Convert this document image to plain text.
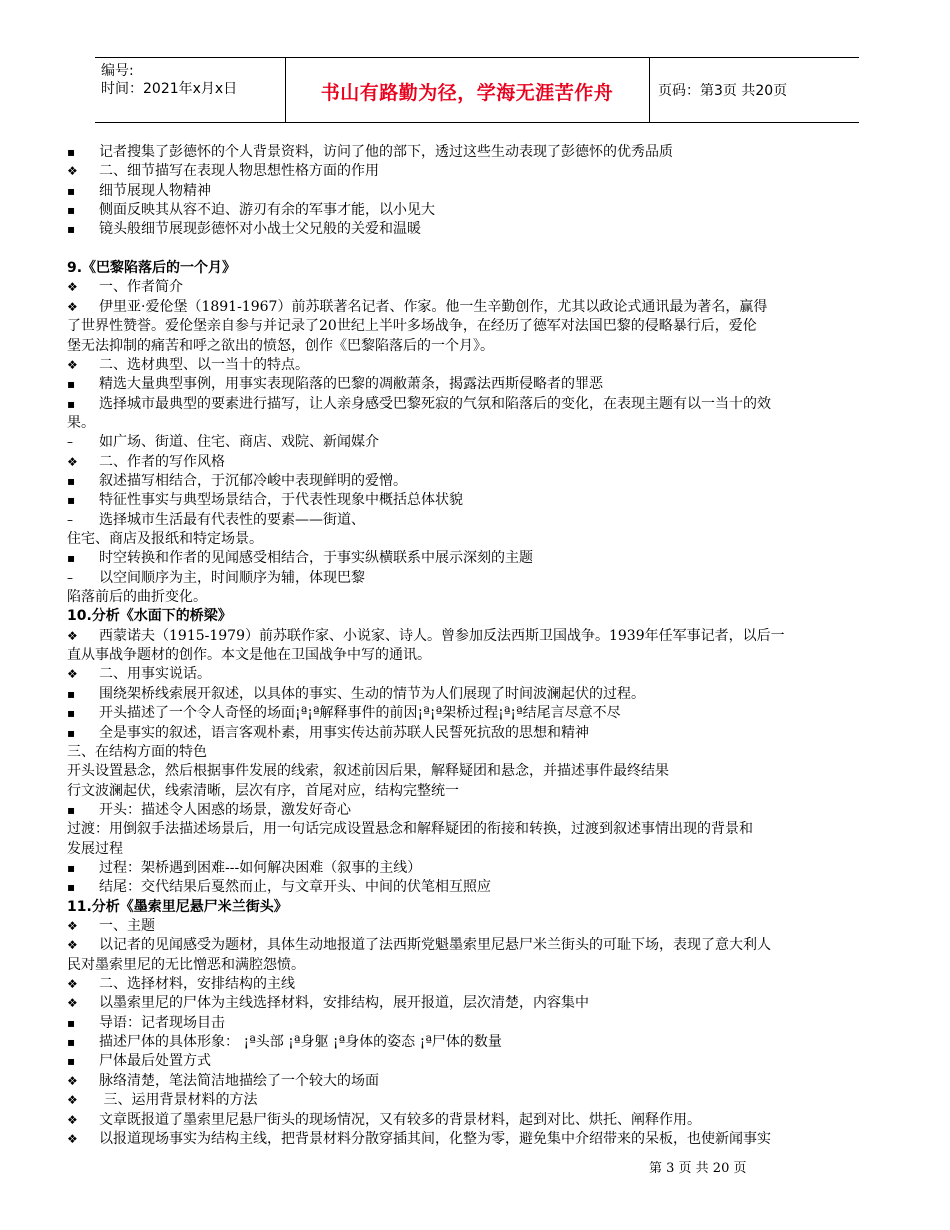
编号:
时间：2021年x月x日	书山有路勤为径，学海无涯苦作舟	页码：第3页 共20页
▪ 记者搜集了彭德怀的个人背景资料，访问了他的部下，透过这些生动表现了彭德怀的优秀品质
❖ 二、细节描写在表现人物思想性格方面的作用
▪ 细节展现人物精神
▪ 侧面反映其从容不迫、游刃有余的军事才能，以小见大
▪ 镜头般细节展现彭德怀对小战士父兄般的关爱和温暖
9.《巴黎陷落后的一个月》
❖ 一、作者简介
❖ 伊里亚·爱伦堡（1891-1967）前苏联著名记者、作家。他一生辛勤创作，尤其以政论式通讯最为著名，赢得
了世界性赞誉。爱伦堡亲自参与并记录了20世纪上半叶多场战争，在经历了德军对法国巴黎的侵略暴行后，爱伦
堡无法抑制的痛苦和呼之欲出的愤怒，创作《巴黎陷落后的一个月》。
❖ 二、选材典型、以一当十的特点。
▪ 精选大量典型事例，用事实表现陷落的巴黎的凋敝萧条，揭露法西斯侵略者的罪恶
▪ 选择城市最典型的要素进行描写，让人亲身感受巴黎死寂的气氛和陷落后的变化，在表现主题有以一当十的效
果。
– 如广场、街道、住宅、商店、戏院、新闻媒介
❖ 二、作者的写作风格
▪ 叙述描写相结合，于沉郁冷峻中表现鲜明的爱憎。
▪ 特征性事实与典型场景结合，于代表性现象中概括总体状貌
– 选择城市生活最有代表性的要素——街道、
住宅、商店及报纸和特定场景。
▪ 时空转换和作者的见闻感受相结合，于事实纵横联系中展示深刻的主题
– 以空间顺序为主，时间顺序为辅，体现巴黎
陷落前后的曲折变化。
10.分析《水面下的桥梁》
❖ 西蒙诺夫（1915-1979）前苏联作家、小说家、诗人。曾参加反法西斯卫国战争。1939年任军事记者，以后一
直从事战争题材的创作。本文是他在卫国战争中写的通讯。
❖ 二、用事实说话。
▪ 围绕架桥线索展开叙述，以具体的事实、生动的情节为人们展现了时间波澜起伏的过程。
▪ 开头描述了一个令人奇怪的场面¡ª¡ª解释事件的前因¡ª¡ª架桥过程¡ª¡ª结尾言尽意不尽
▪ 全是事实的叙述，语言客观朴素，用事实传达前苏联人民誓死抗敌的思想和精神
三、在结构方面的特色
开头设置悬念，然后根据事件发展的线索，叙述前因后果，解释疑团和悬念，并描述事件最终结果
行文波澜起伏，线索清晰，层次有序，首尾对应，结构完整统一
▪ 开头：描述令人困惑的场景，激发好奇心
过渡：用倒叙手法描述场景后，用一句话完成设置悬念和解释疑团的衔接和转换，过渡到叙述事情出现的背景和
发展过程
▪ 过程：架桥遇到困难---如何解决困难（叙事的主线）
▪ 结尾：交代结果后戛然而止，与文章开头、中间的伏笔相互照应
11.分析《墨索里尼悬尸米兰街头》
❖ 一、主题
❖ 以记者的见闻感受为题材，具体生动地报道了法西斯党魁墨索里尼悬尸米兰街头的可耻下场，表现了意大利人
民对墨索里尼的无比憎恶和满腔怨愤。
❖ 二、选择材料，安排结构的主线
❖ 以墨索里尼的尸体为主线选择材料，安排结构，展开报道，层次清楚，内容集中
▪ 导语：记者现场目击
▪ 描述尸体的具体形象： ¡ª头部 ¡ª身躯 ¡ª身体的姿态 ¡ª尸体的数量
▪ 尸体最后处置方式
❖ 脉络清楚，笔法简洁地描绘了一个较大的场面
❖ 三、运用背景材料的方法
❖ 文章既报道了墨索里尼悬尸街头的现场情况，又有较多的背景材料，起到对比、烘托、阐释作用。
❖ 以报道现场事实为结构主线，把背景材料分散穿插其间，化整为零，避免集中介绍带来的呆板，也使新闻事实
第 3 页 共 20 页
